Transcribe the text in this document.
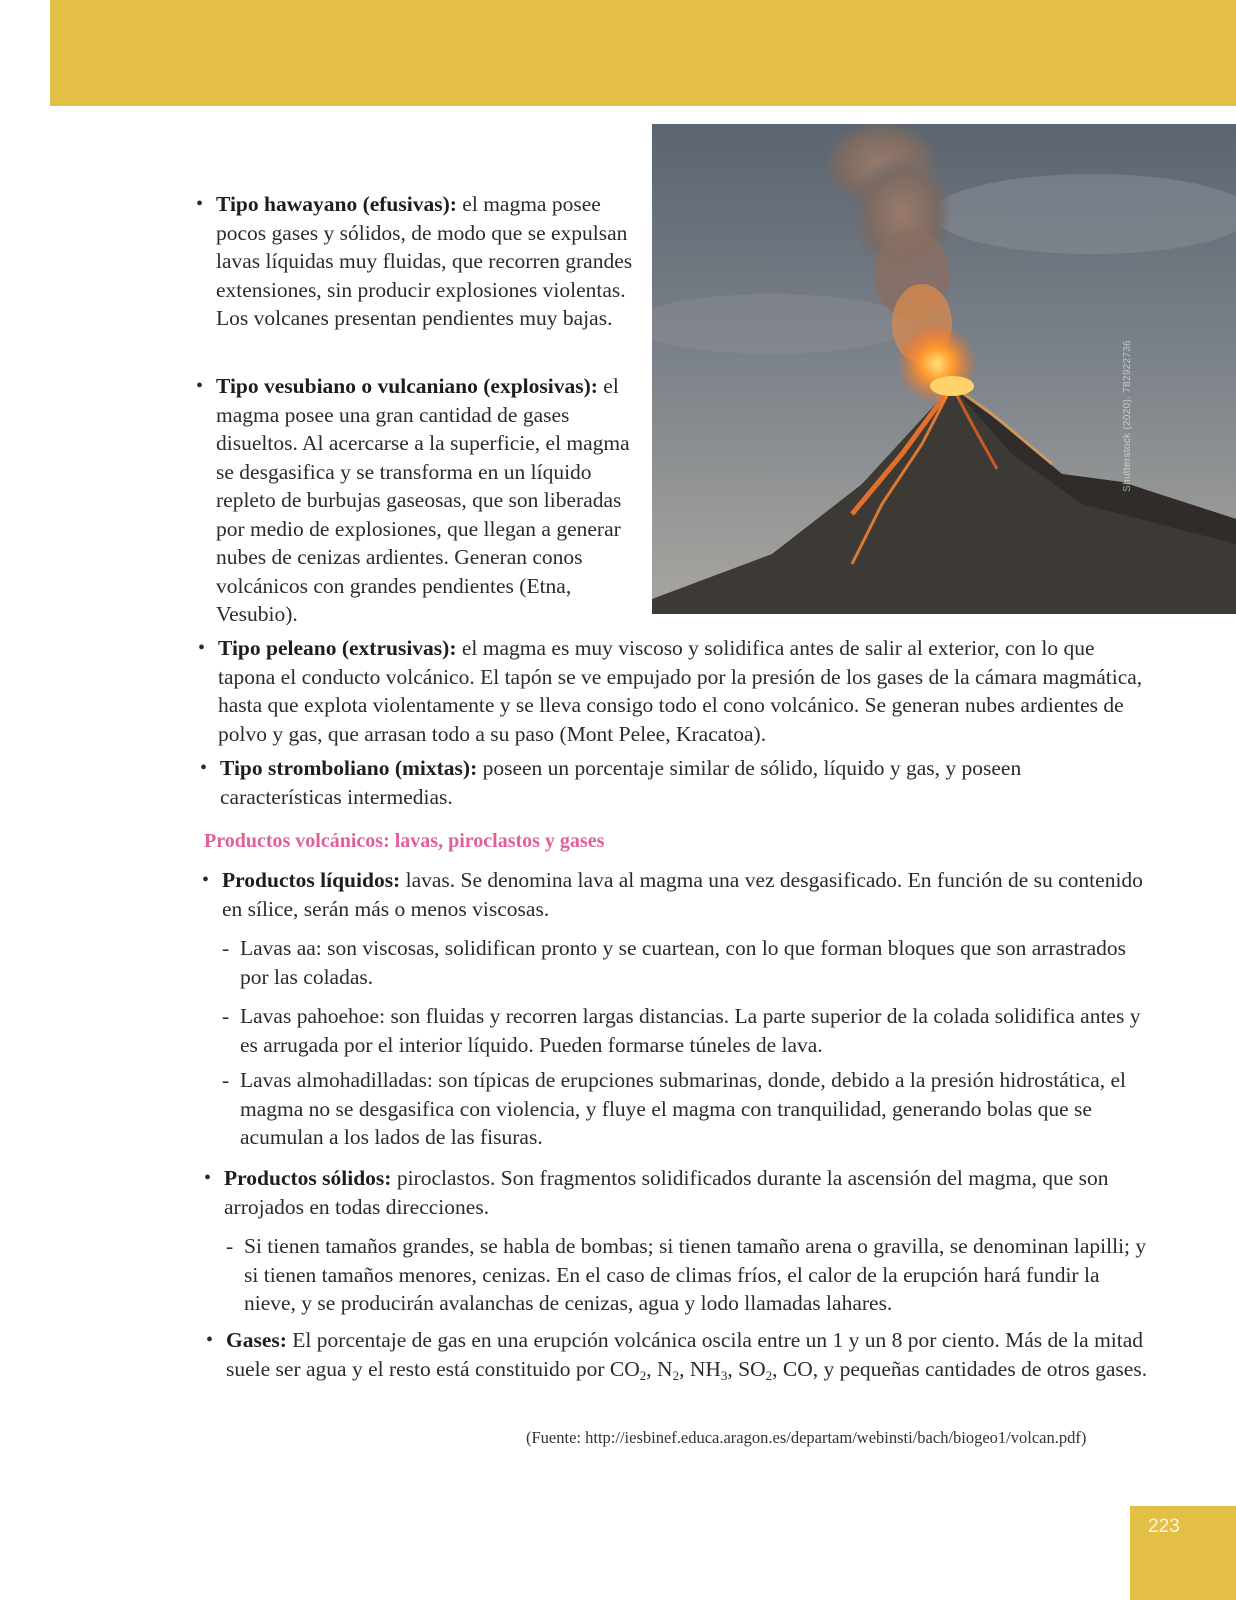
Shutterstock (2020). 782922736

• Tipo hawayano (efusivas): el magma posee pocos gases y sólidos, de modo que se expulsan lavas líquidas muy fluidas, que recorren grandes extensiones, sin producir explosiones violentas. Los volcanes presentan pendientes muy bajas.

• Tipo vesubiano o vulcaniano (explosivas): el magma posee una gran cantidad de gases disueltos. Al acercarse a la superficie, el magma se desgasifica y se transforma en un líquido repleto de burbujas gaseosas, que son liberadas por medio de explosiones, que llegan a generar nubes de cenizas ardientes. Generan conos volcánicos con grandes pendientes (Etna, Vesubio).

• Tipo peleano (extrusivas): el magma es muy viscoso y solidifica antes de salir al exterior, con lo que tapona el conducto volcánico. El tapón se ve empujado por la presión de los gases de la cámara magmática, hasta que explota violentamente y se lleva consigo todo el cono volcánico. Se generan nubes ardientes de polvo y gas, que arrasan todo a su paso (Mont Pelee, Kracatoa).

• Tipo stromboliano (mixtas): poseen un porcentaje similar de sólido, líquido y gas, y poseen características intermedias.

Productos volcánicos: lavas, piroclastos y gases

• Productos líquidos: lavas. Se denomina lava al magma una vez desgasificado. En función de su contenido en sílice, serán más o menos viscosas.

- Lavas aa: son viscosas, solidifican pronto y se cuartean, con lo que forman bloques que son arrastrados por las coladas.

- Lavas pahoehoe: son fluidas y recorren largas distancias. La parte superior de la colada solidifica antes y es arrugada por el interior líquido. Pueden formarse túneles de lava.

- Lavas almohadilladas: son típicas de erupciones submarinas, donde, debido a la presión hidrostática, el magma no se desgasifica con violencia, y fluye el magma con tranquilidad, generando bolas que se acumulan a los lados de las fisuras.

• Productos sólidos: piroclastos. Son fragmentos solidificados durante la ascensión del magma, que son arrojados en todas direcciones.

- Si tienen tamaños grandes, se habla de bombas; si tienen tamaño arena o gravilla, se denominan lapilli; y si tienen tamaños menores, cenizas. En el caso de climas fríos, el calor de la erupción hará fundir la nieve, y se producirán avalanchas de cenizas, agua y lodo llamadas lahares.

• Gases: El porcentaje de gas en una erupción volcánica oscila entre un 1 y un 8 por ciento. Más de la mitad suele ser agua y el resto está constituido por $CO_2$, $N_2$, $NH_3$, $SO_2$, CO, y pequeñas cantidades de otros gases.

(Fuente: http://iesbinef.educa.aragon.es/departam/webinsti/bach/biogeo1/volcan.pdf)
223
